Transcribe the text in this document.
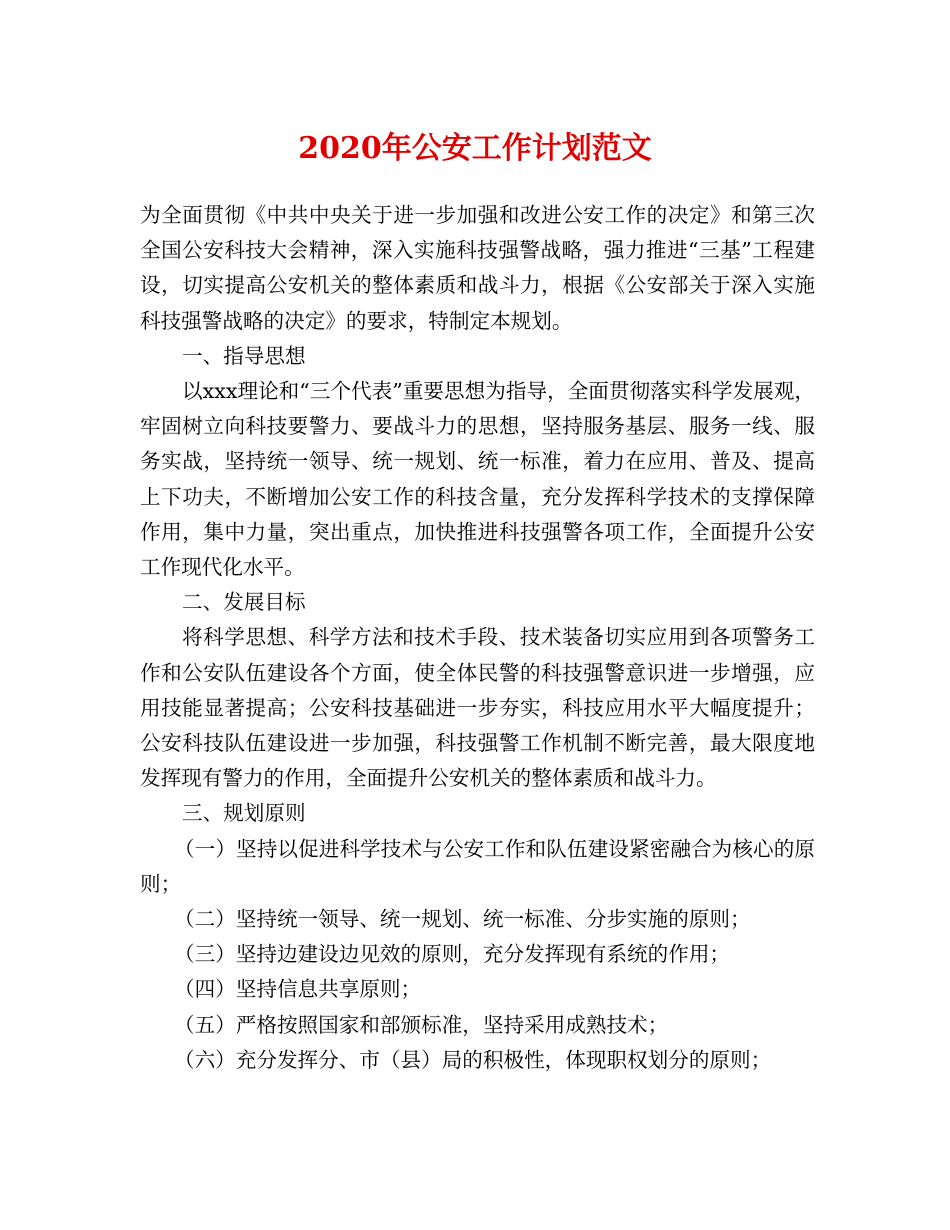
2020年公安工作计划范文

为全面贯彻《中共中央关于进一步加强和改进公安工作的决定》和第三次全国公安科技大会精神，深入实施科技强警战略，强力推进“三基”工程建设，切实提高公安机关的整体素质和战斗力，根据《公安部关于深入实施科技强警战略的决定》的要求，特制定本规划。

一、指导思想

以xxx理论和“三个代表”重要思想为指导，全面贯彻落实科学发展观，牢固树立向科技要警力、要战斗力的思想，坚持服务基层、服务一线、服务实战，坚持统一领导、统一规划、统一标准，着力在应用、普及、提高上下功夫，不断增加公安工作的科技含量，充分发挥科学技术的支撑保障作用，集中力量，突出重点，加快推进科技强警各项工作，全面提升公安工作现代化水平。

二、发展目标

将科学思想、科学方法和技术手段、技术装备切实应用到各项警务工作和公安队伍建设各个方面，使全体民警的科技强警意识进一步增强，应用技能显著提高；公安科技基础进一步夯实，科技应用水平大幅度提升；公安科技队伍建设进一步加强，科技强警工作机制不断完善，最大限度地发挥现有警力的作用，全面提升公安机关的整体素质和战斗力。

三、规划原则

（一）坚持以促进科学技术与公安工作和队伍建设紧密融合为核心的原则；

（二）坚持统一领导、统一规划、统一标准、分步实施的原则；

（三）坚持边建设边见效的原则，充分发挥现有系统的作用；

（四）坚持信息共享原则；

（五）严格按照国家和部颁标准，坚持采用成熟技术；

（六）充分发挥分、市（县）局的积极性，体现职权划分的原则；
